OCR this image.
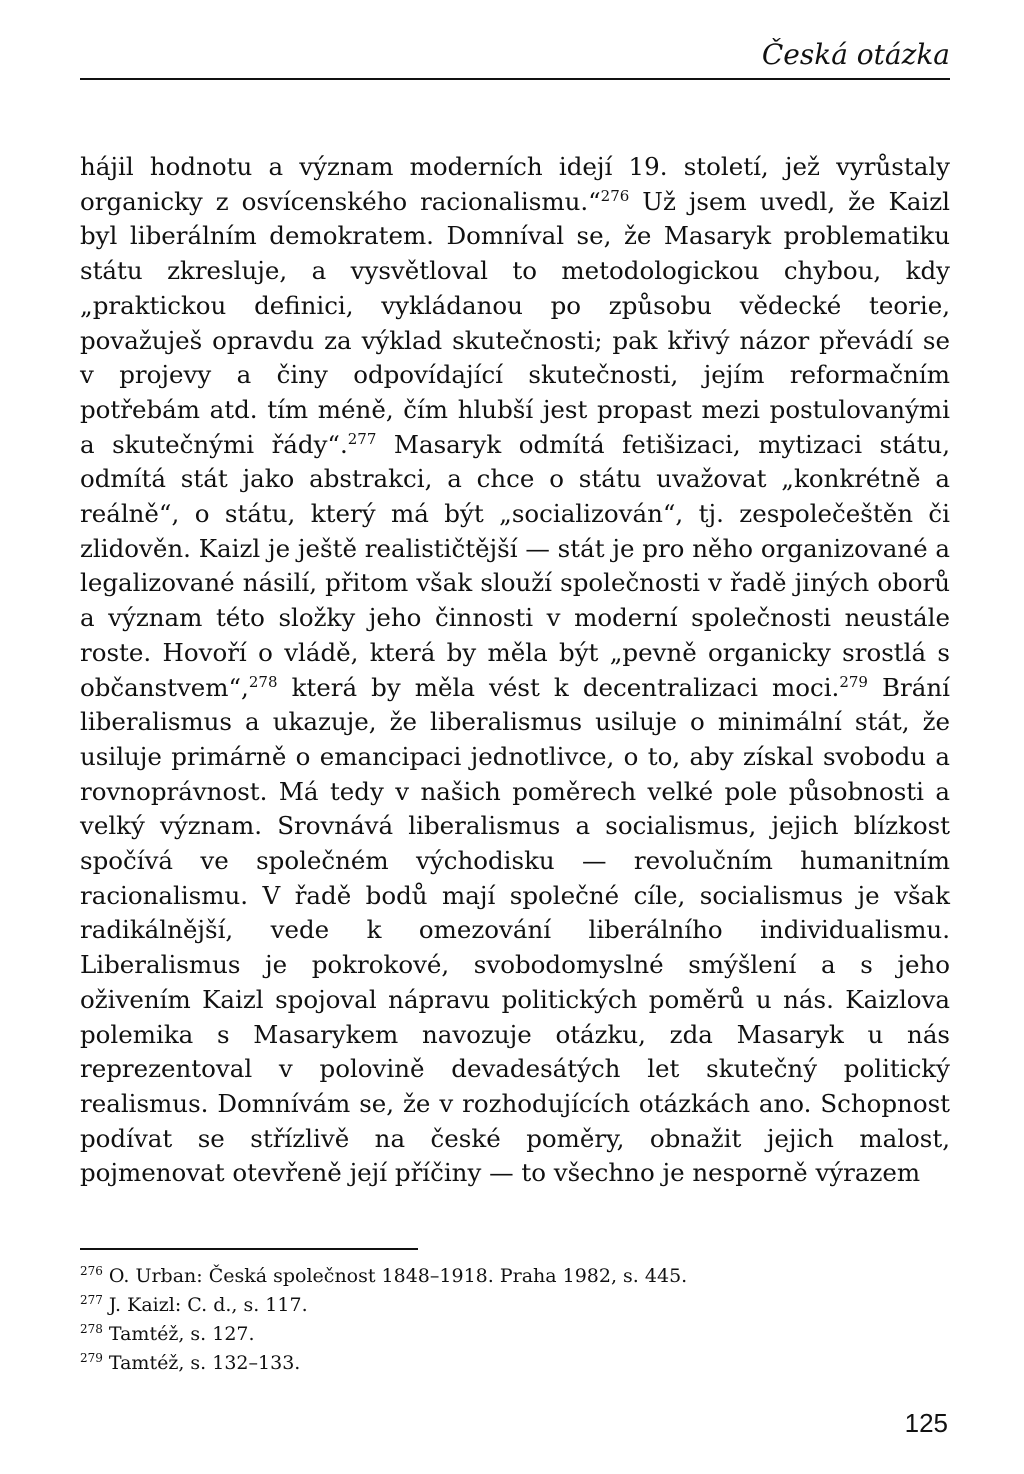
Česká otázka

hájil hodnotu a význam moderních idejí 19. století, jež vyrůstaly organicky z osvícenského racionalismu.“$^{276}$ Už jsem uvedl, že Kaizl byl liberálním demokratem. Domníval se, že Masaryk problematiku státu zkresluje, a vysvětloval to metodologickou chybou, kdy „praktickou definici, vykládanou po způsobu vědecké teorie, považuješ opravdu za výklad skutečnosti; pak křivý názor převádí se v projevy a činy odpovídající skutečnosti, jejím reformačním potřebám atd. tím méně, čím hlubší jest propast mezi postulovanými a skutečnými řády“.$^{277}$ Masaryk odmítá fetišizaci, mytizaci státu, odmítá stát jako abstrakci, a chce o státu uvažovat „konkrétně a reálně“, o státu, který má být „socializován“, tj. zespolečeštěn či zlidověn. Kaizl je ještě realističtější — stát je pro něho organizované a legalizované násilí, přitom však slouží společnosti v řadě jiných oborů a význam této složky jeho činnosti v moderní společnosti neustále roste. Hovoří o vládě, která by měla být „pevně organicky srostlá s občanstvem“,$^{278}$ která by měla vést k decentralizaci moci.$^{279}$ Brání liberalismus a ukazuje, že liberalismus usiluje o minimální stát, že usiluje primárně o emancipaci jednotlivce, o to, aby získal svobodu a rovnoprávnost. Má tedy v našich poměrech velké pole působnosti a velký význam. Srovnává liberalismus a socialismus, jejich blízkost spočívá ve společném východisku — revolučním humanitním racionalismu. V řadě bodů mají společné cíle, socialismus je však radikálnější, vede k omezování liberálního individualismu. Liberalismus je pokrokové, svobodomyslné smýšlení a s jeho oživením Kaizl spojoval nápravu politických poměrů u nás. Kaizlova polemika s Masarykem navozuje otázku, zda Masaryk u nás reprezentoval v polovině devadesátých let skutečný politický realismus. Domnívám se, že v rozhodujících otázkách ano. Schopnost podívat se střízlivě na české poměry, obnažit jejich malost, pojmenovat otevřeně její příčiny — to všechno je nesporně výrazem

$^{276}$ O. Urban: Česká společnost 1848–1918. Praha 1982, s. 445.
$^{277}$ J. Kaizl: C. d., s. 117.
$^{278}$ Tamtéž, s. 127.
$^{279}$ Tamtéž, s. 132–133.
125
